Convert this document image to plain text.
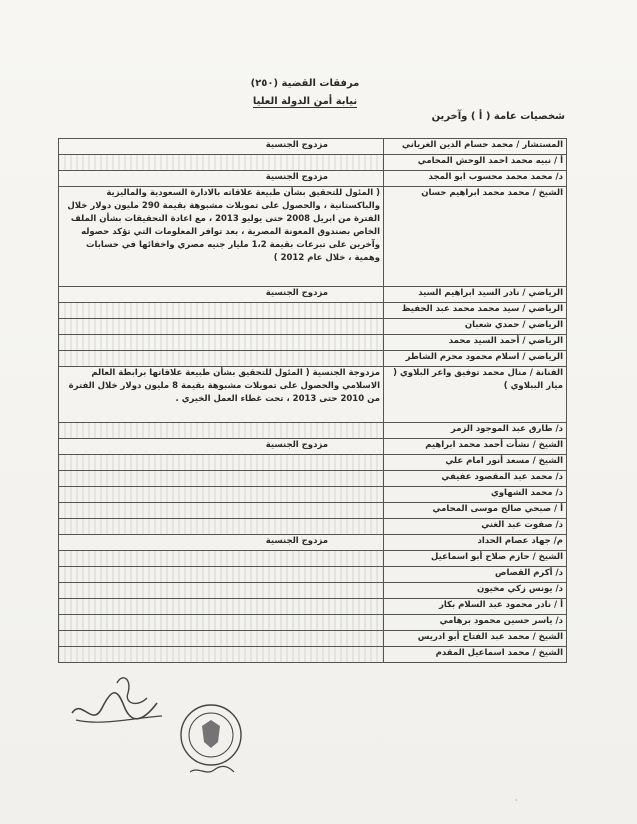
مرفقات القضية (٢٥٠)
نيابة أمن الدولة العليا
شخصيات عامة ( أ ) وآخرين
المستشار / محمد حسام الدين الغرياني	مزدوج الجنسية

أ / نبيه محمد احمد الوحش المحامي	
د/ محمد محمد محسوب ابو المجد	مزدوج الجنسية

الشيخ / محمد محمد ابراهيم حسان	( المئول للتحقيق بشأن طبيعة علاقاته بالادارة السعودية والماليزية والباكستانية ، والحصول على تمويلات مشبوهة بقيمة 290 مليون دولار خلال الفترة من ابريل 2008 حتى يوليو 2013 ، مع اعادة التحقيقات بشأن الملف الخاص بصندوق المعونة المصرية ، بعد توافر المعلومات التي تؤكد حصوله وآخرين على تبرعات بقيمة 1،2 مليار جنيه مصري واخفائها في حسابات وهمية ، خلال عام 2012 )
الرياضي / نادر السيد ابراهيم السيد	مزدوج الجنسية

الرياضي / سيد محمد محمد عبد الحفيظ	
الرياضي / حمدي شعبان	
الرياضي / أحمد السيد محمد	
الرياضي / اسلام محمود محرم الشاطر	
الفنانة / منال محمد توفيق واعر البلاوي ( ميار الببلاوي )	مزدوجة الجنسية ( المئول للتحقيق بشأن طبيعة علاقاتها برابطة العالم الاسلامي والحصول على تمويلات مشبوهة بقيمة 8 مليون دولار خلال الفترة من 2010 حتى 2013 ، تحت غطاء العمل الخيري .
د/ طارق عبد الموجود الزمر	
الشيخ / نشأت أحمد محمد ابراهيم	مزدوج الجنسية

الشيخ / مسعد أنور امام علي	
د/ محمد عبد المقصود عفيفي	
د/ محمد الشهاوي	
أ / صبحي صالح موسى المحامي	
د/ صفوت عبد الغني	
م/ جهاد عصام الحداد	مزدوج الجنسية

الشيخ / حازم صلاح أبو اسماعيل	
د/ أكرم القصاص	
د/ يونس زكي مخيون	
أ / نادر محمود عبد السلام بكار	
د/ ياسر حسين محمود برهامي	
الشيخ / محمد عبد الفتاح أبو ادريس	
الشيخ / محمد اسماعيل المقدم	
·
